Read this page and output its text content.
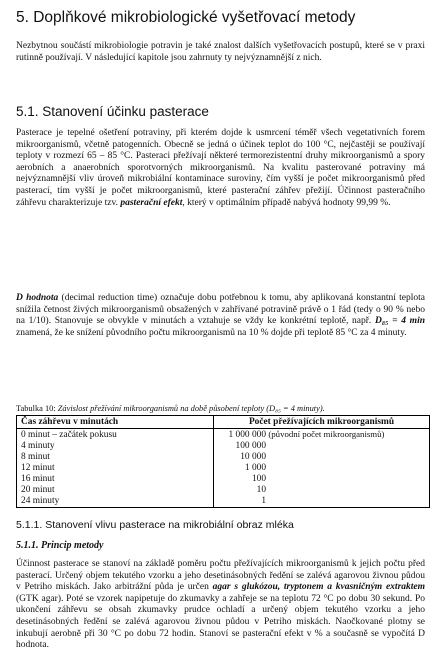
5. Doplňkové mikrobiologické vyšetřovací metody
Nezbytnou součástí mikrobiologie potravin je také znalost dalších vyšetřovacích postupů, které se v praxi rutinně používají. V následující kapitole jsou zahrnuty ty nejvýznamnější z nich.
5.1. Stanovení účinku pasterace
Pasterace je tepelné ošetření potraviny, při kterém dojde k usmrcení téměř všech vegetativních forem mikroorganismů, včetně patogenních. Obecně se jedná o účinek teplot do 100 °C, nejčastěji se používají teploty v rozmezí 65 – 85 °C. Pasteraci přežívají některé termorezistentní druhy mikroorganismů a spory aerobních a anaerobních sporotvorných mikroorganismů. Na kvalitu pasterované potraviny má nejvýznamnější vliv úroveň mikrobiální kontaminace suroviny, čím vyšší je počet mikroorganismů před pasterací, tím vyšší je počet mikroorganismů, které pasterační záhřev přežijí. Účinnost pasteračního záhřevu charakterizuje tzv. pasterační efekt, který v optimálním případě nabývá hodnoty 99,99 %.
D hodnota (decimal reduction time) označuje dobu potřebnou k tomu, aby aplikovaná konstantní teplota snížila četnost živých mikroorganismů obsažených v zahřívané potravině právě o 1 řád (tedy o 90 % nebo na 1/10). Stanovuje se obvykle v minutách a vztahuje se vždy ke konkrétní teplotě, např. D₈₅ = 4 min znamená, že ke snížení původního počtu mikroorganismů na 10 % dojde při teplotě 85 °C za 4 minuty.
Tabulka 10: Závislost přežívání mikroorganismů na době působení teploty (D₈₅ = 4 minuty).
Čas záhřevu v minutách	Počet přežívajících mikroorganismů
0 minut – začátek pokusu	1 000 000 (původní počet mikroorganismů)
4 minuty	100 000
8 minut	10 000
12 minut	1 000
16 minut	100
20 minut	10
24 minuty	1
5.1.1. Stanovení vlivu pasterace na mikrobiální obraz mléka
5.1.1. Princip metody
Účinnost pasterace se stanoví na základě poměru počtu přežívajících mikroorganismů k jejich počtu před pasterací. Určený objem tekutého vzorku a jeho desetinásobných ředění se zalévá agarovou živnou půdou v Petriho miskách. Jako arbitrážní půda je určen agar s glukózou, tryptonem a kvasničným extraktem (GTK agar). Poté se vzorek napipetuje do zkumavky a zahřeje se na teplotu 72 °C po dobu 30 sekund. Po ukončení záhřevu se obsah zkumavky prudce ochladí a určený objem tekutého vzorku a jeho desetinásobných ředění se zalévá agarovou živnou půdou v Petriho miskách. Naočkované plotny se inkubují aerobně při 30 °C po dobu 72 hodin. Stanoví se pasterační efekt v % a současně se vypočítá D hodnota.
